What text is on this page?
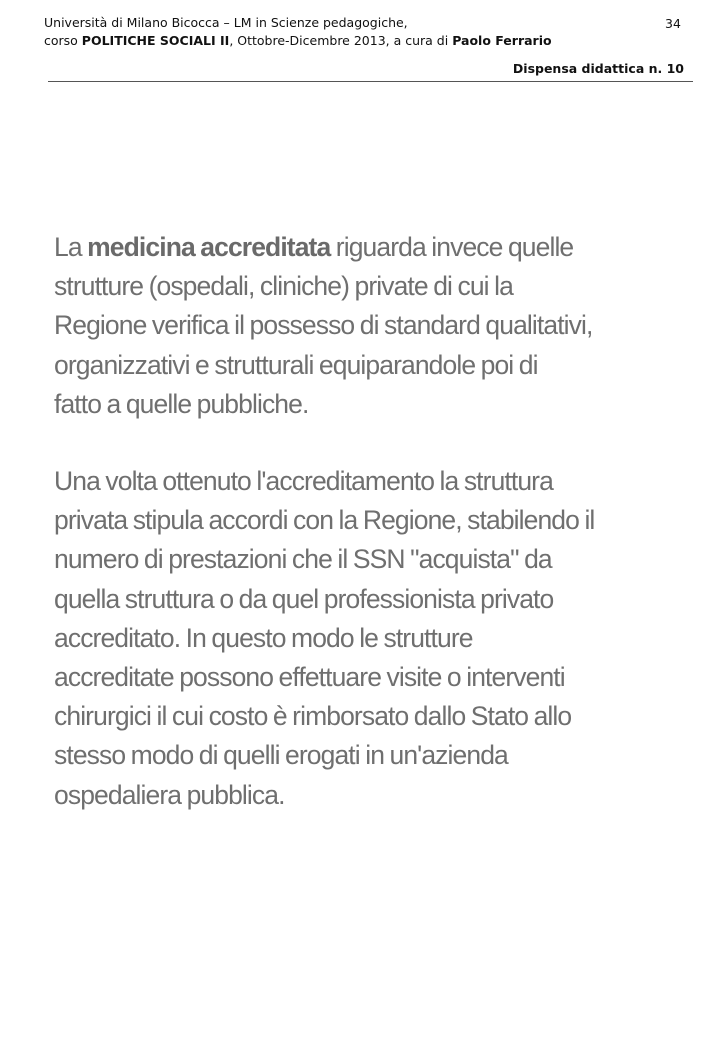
Università di Milano Bicocca – LM in Scienze pedagogiche,
corso POLITICHE SOCIALI II, Ottobre-Dicembre 2013, a cura di Paolo Ferrario
34
Dispensa didattica n. 10

La medicina accreditata riguarda invece quelle
strutture (ospedali, cliniche) private di cui la
Regione verifica il possesso di standard qualitativi,
organizzativi e strutturali equiparandole poi di
fatto a quelle pubbliche.

Una volta ottenuto l'accreditamento la struttura
privata stipula accordi con la Regione, stabilendo il
numero di prestazioni che il SSN "acquista" da
quella struttura o da quel professionista privato
accreditato. In questo modo le strutture
accreditate possono effettuare visite o interventi
chirurgici il cui costo è rimborsato dallo Stato allo
stesso modo di quelli erogati in un'azienda
ospedaliera pubblica.
